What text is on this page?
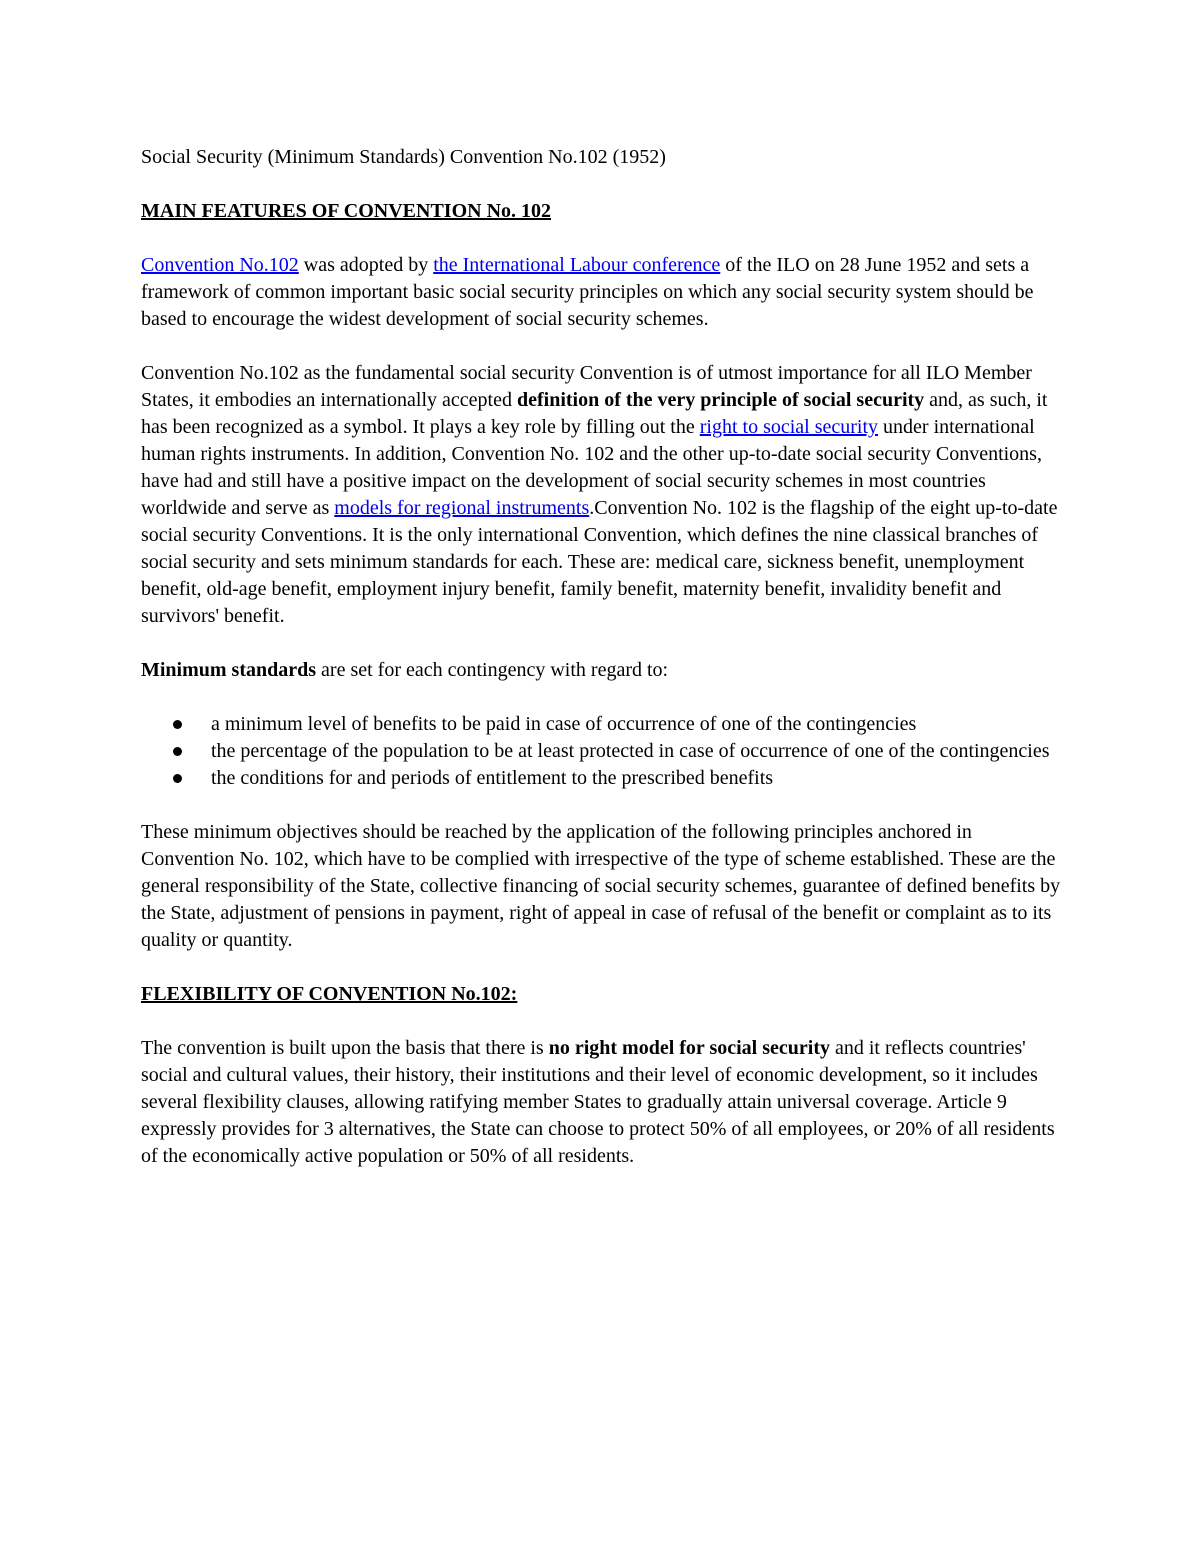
Social Security (Minimum Standards) Convention No.102 (1952)

MAIN FEATURES OF CONVENTION No. 102

Convention No.102 was adopted by the International Labour conference of the ILO on 28 June 1952 and sets a framework of common important basic social security principles on which any social security system should be based to encourage the widest development of social security schemes.

Convention No.102 as the fundamental social security Convention is of utmost importance for all ILO Member States, it embodies an internationally accepted definition of the very principle of social security and, as such, it has been recognized as a symbol. It plays a key role by filling out the right to social security under international human rights instruments. In addition, Convention No. 102 and the other up-to-date social security Conventions, have had and still have a positive impact on the development of social security schemes in most countries worldwide and serve as models for regional instruments.Convention No. 102 is the flagship of the eight up-to-date social security Conventions. It is the only international Convention, which defines the nine classical branches of social security and sets minimum standards for each. These are: medical care, sickness benefit, unemployment benefit, old-age benefit, employment injury benefit, family benefit, maternity benefit, invalidity benefit and survivors' benefit.

Minimum standards are set for each contingency with regard to:

a minimum level of benefits to be paid in case of occurrence of one of the contingencies
the percentage of the population to be at least protected in case of occurrence of one of the contingencies
the conditions for and periods of entitlement to the prescribed benefits

These minimum objectives should be reached by the application of the following principles anchored in Convention No. 102, which have to be complied with irrespective of the type of scheme established. These are the general responsibility of the State, collective financing of social security schemes, guarantee of defined benefits by the State, adjustment of pensions in payment, right of appeal in case of refusal of the benefit or complaint as to its quality or quantity.

FLEXIBILITY OF CONVENTION No.102:

The convention is built upon the basis that there is no right model for social security and it reflects countries' social and cultural values, their history, their institutions and their level of economic development, so it includes several flexibility clauses, allowing ratifying member States to gradually attain universal coverage. Article 9 expressly provides for 3 alternatives, the State can choose to protect 50% of all employees, or 20% of all residents of the economically active population or 50% of all residents.
